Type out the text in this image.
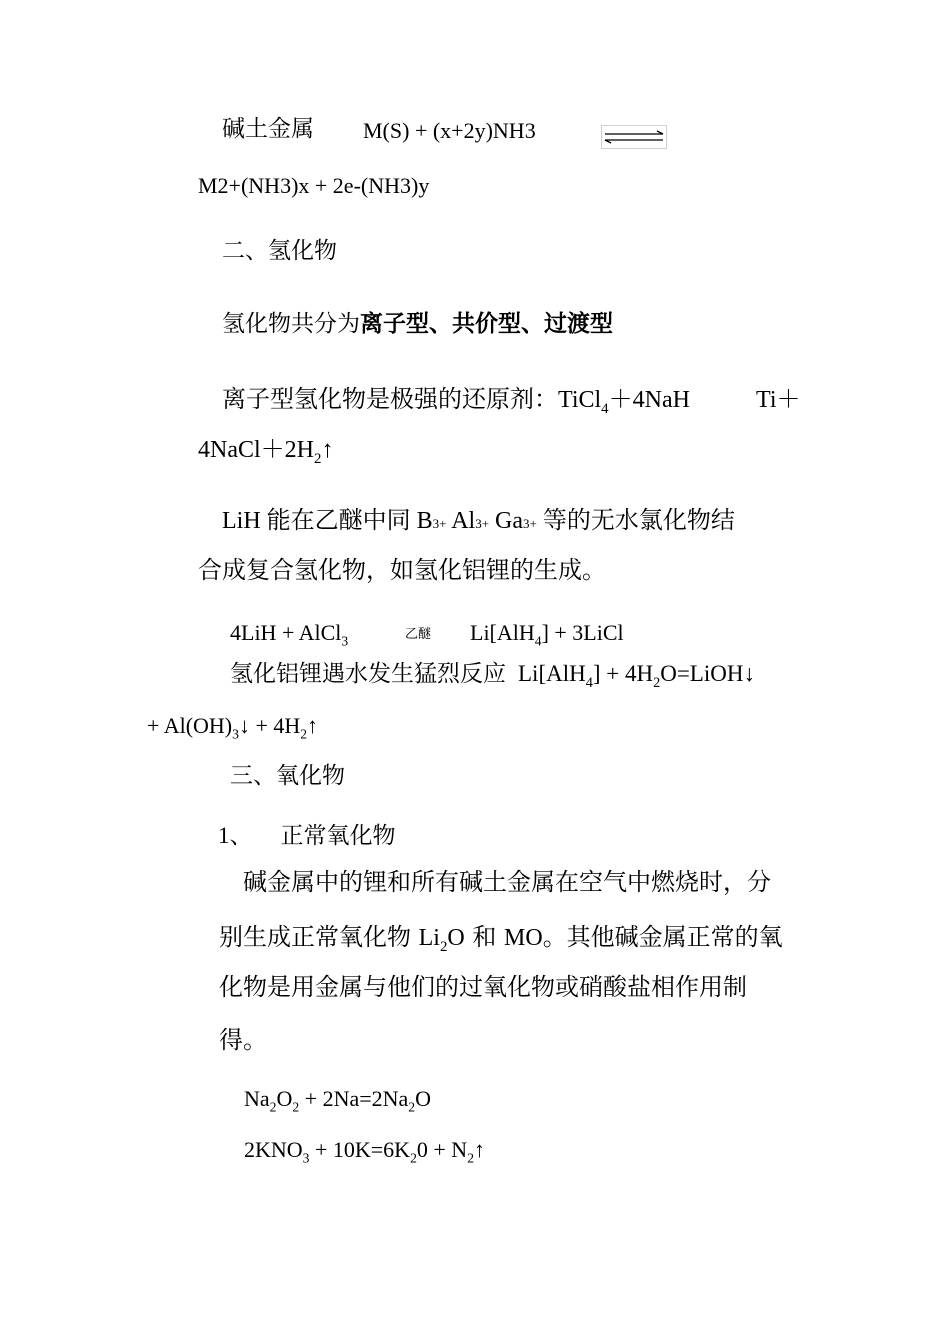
碱土金属 M(S) + (x+2y)NH3
M2+(NH3)x + 2e-(NH3)y
二、氢化物
氢化物共分为离子型、共价型、过渡型
离子型氢化物是极强的还原剂：TiCl$_4$＋4NaH	Ti＋
$4NaCl+2H_2↑$
LiH 能在乙醚中同 B3+ Al3+ Ga3+ 等的无水氯化物结
合成复合氢化物，如氢化铝锂的生成。
4LiH + AlCl$_3$	乙醚 Li[AlH$_4$] + 3LiCl
氢化铝锂遇水发生猛烈反应 $Li[AlH_4] + 4H_2O=LiOH↓$
+ $Al(OH)_3↓$ + $4H_2↑$
三、氧化物
1、 正常氧化物
碱金属中的锂和所有碱土金属在空气中燃烧时，分
别生成正常氧化物 $Li_2O$ 和 MO。其他碱金属正常的氧
化物是用金属与他们的过氧化物或硝酸盐相作用制
得。
$Na_2O_2 + 2Na=2Na_2O$
$2KNO_3 + 10K=6K_20$ + $N_2↑$
